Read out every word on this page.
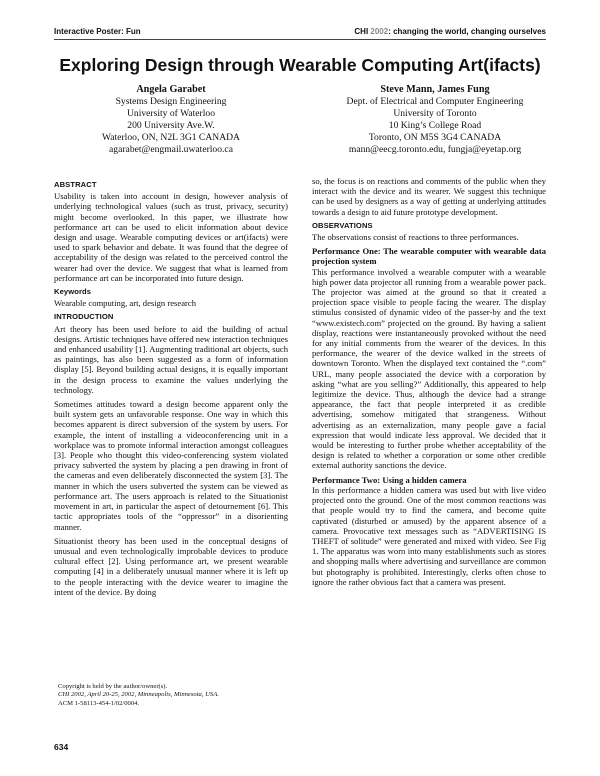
Interactive Poster: Fun	CHI 2002: changing the world, changing ourselves
Exploring Design through Wearable Computing Art(ifacts)
Angela Garabet
Systems Design Engineering
University of Waterloo
200 University Ave.W.
Waterloo, ON, N2L 3G1 CANADA
agarabet@engmail.uwaterloo.ca
Steve Mann, James Fung
Dept. of Electrical and Computer Engineering
University of Toronto
10 King’s College Road
Toronto, ON M5S 3G4 CANADA
mann@eecg.toronto.edu, fungja@eyetap.org
ABSTRACT

Usability is taken into account in design, however analysis of underlying technological values (such as trust, privacy, security) might become overlooked. In this paper, we illustrate how performance art can be used to elicit information about device design and usage. Wearable computing devices or art(ifacts) were used to spark behavior and debate. It was found that the degree of acceptability of the design was related to the perceived control the wearer had over the device. We suggest that what is learned from performance art can be incorporated into future design.

Keywords

Wearable computing, art, design research

INTRODUCTION

Art theory has been used before to aid the building of actual designs. Artistic techniques have offered new interaction techniques and enhanced usability [1]. Augmenting traditional art objects, such as paintings, has also been suggested as a form of information display [5]. Beyond building actual designs, it is equally important in the design process to examine the values underlying the technology.

Sometimes attitudes toward a design become apparent only the built system gets an unfavorable response. One way in which this becomes apparent is direct subversion of the system by users. For example, the intent of installing a videoconferencing unit in a workplace was to promote informal interaction amongst colleagues [3]. People who thought this video-conferencing system violated privacy subverted the system by placing a pen drawing in front of the cameras and even deliberately disconnected the system [3]. The manner in which the users subverted the system can be viewed as performance art. The users approach is related to the Situationist movement in art, in particular the aspect of detournement [6]. This tactic appropriates tools of the “oppressor” in a disorienting manner.

Situationist theory has been used in the conceptual designs of unusual and even technologically improbable devices to produce cultural effect [2]. Using performance art, we present wearable computing [4] in a deliberately unusual manner where it is left up to the people interacting with the device wearer to imagine the intent of the device. By doing

so, the focus is on reactions and comments of the public when they interact with the device and its wearer. We suggest this technique can be used by designers as a way of getting at underlying attitudes towards a design to aid future prototype development.

OBSERVATIONS

The observations consist of reactions to three performances.

Performance One: The wearable computer with wearable data projection system

This performance involved a wearable computer with a wearable high power data projector all running from a wearable power pack. The projector was aimed at the ground so that it created a projection space visible to people facing the wearer. The display stimulus consisted of dynamic video of the passer-by and the text “www.existech.com” projected on the ground. By having a salient display, reactions were instantaneously provoked without the need for any initial comments from the wearer of the devices. In this performance, the wearer of the device walked in the streets of downtown Toronto. When the displayed text contained the “.com” URL, many people associated the device with a corporation by asking “what are you selling?” Additionally, this appeared to help legitimize the device. Thus, although the device had a strange appearance, the fact that people interpreted it as credible advertising, somehow mitigated that strangeness. Without advertising as an externalization, many people gave a facial expression that would indicate less approval. We decided that it would be interesting to further probe whether acceptability of the design is related to whether a corporation or some other credible external authority sanctions the device.

Performance Two: Using a hidden camera

In this performance a hidden camera was used but with live video projected onto the ground. One of the most common reactions was that people would try to find the camera, and become quite captivated (disturbed or amused) by the apparent absence of a camera. Provocative text messages such as “ADVERTISING IS THEFT of solitude” were generated and mixed with video. See Fig 1. The apparatus was worn into many establishments such as stores and shopping malls where advertising and surveillance are common but photography is prohibited. Interestingly, clerks often chose to ignore the rather obvious fact that a camera was present.

Copyright is held by the author/owner(s).
CHI 2002, April 20-25, 2002, Minneapolis, Minnesota, USA.
ACM 1-58113-454-1/02/0004.
634
